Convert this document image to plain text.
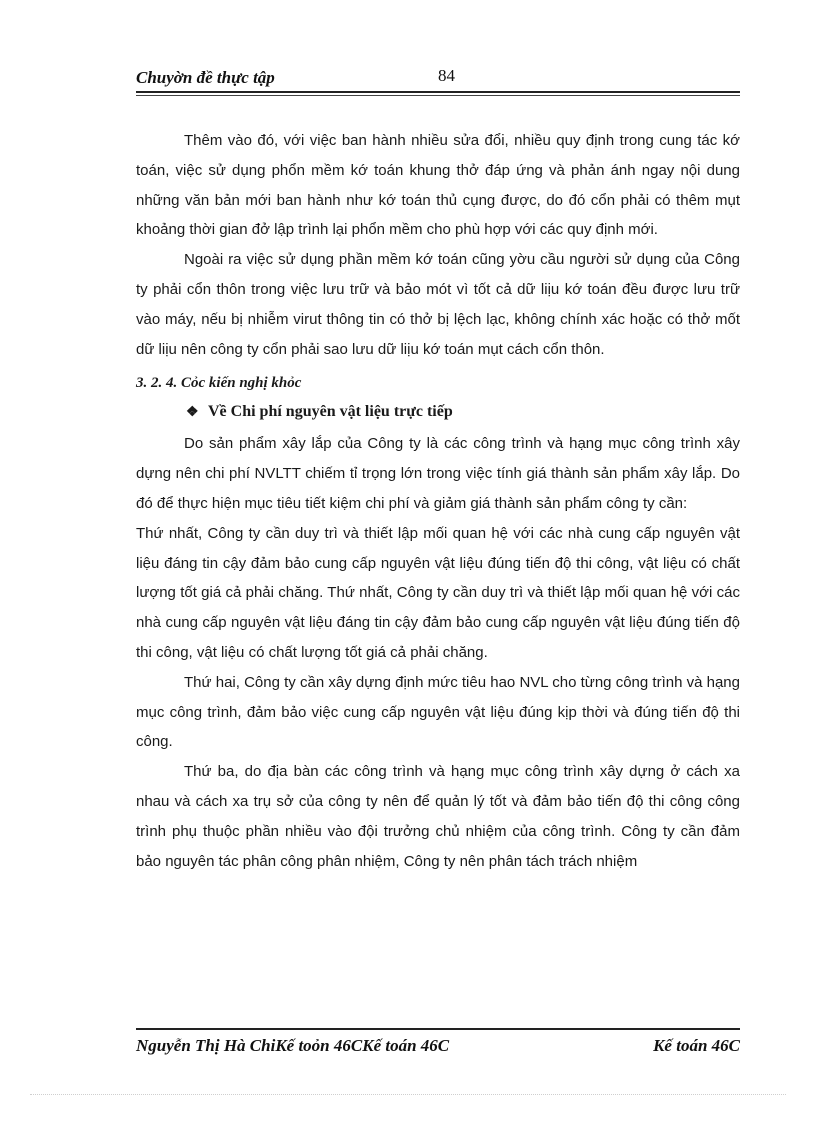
Chuyờn đề thực tập	84

Thêm vào đó, với việc ban hành nhiều sửa đổi, nhiều quy định trong cung tác kớ toán, việc sử dụng phổn mềm kớ toán khung thở đáp ứng và phản ánh ngay nội dung những văn bản mới ban hành như kớ toán thủ cụng được, do đó cổn phải có thêm mụt khoảng thời gian đở lập trình lại phổn mềm cho phù hợp với các quy định mới.

Ngoài ra việc sử dụng phần mềm kớ toán cũng yờu cầu người sử dụng của Công ty phải cổn thôn trong việc lưu trữ và bảo mót vì tốt cả dữ liịu kớ toán đều được lưu trữ vào máy, nếu bị nhiễm virut thông tin có thở bị lệch lạc, không chính xác hoặc có thở mốt dữ liịu nên công ty cổn phải sao lưu dữ liịu kớ toán mụt cách cổn thôn.

3. 2. 4. Cỏc kiến nghị khỏc

❖ Về Chi phí nguyên vật liệu trực tiếp

Do sản phẩm xây lắp của Công ty là các công trình và hạng mục công trình xây dựng nên chi phí NVLTT chiếm tỉ trọng lớn trong việc tính giá thành sản phẩm xây lắp. Do đó để thực hiện mục tiêu tiết kiệm chi phí và giảm giá thành sản phẩm công ty cần:

Thứ nhất, Công ty cần duy trì và thiết lập mối quan hệ với các nhà cung cấp nguyên vật liệu đáng tin cậy đảm bảo cung cấp nguyên vật liệu đúng tiến độ thi công, vật liệu có chất lượng tốt giá cả phải chăng. Thứ nhất, Công ty cần duy trì và thiết lập mối quan hệ với các nhà cung cấp nguyên vật liệu đáng tin cậy đảm bảo cung cấp nguyên vật liệu đúng tiến độ thi công, vật liệu có chất lượng tốt giá cả phải chăng.

Thứ hai, Công ty cần xây dựng định mức tiêu hao NVL cho từng công trình và hạng mục công trình, đảm bảo việc cung cấp nguyên vật liệu đúng kịp thời và đúng tiến độ thi công.

Thứ ba, do địa bàn các công trình và hạng mục công trình xây dựng ở cách xa nhau và cách xa trụ sở của công ty nên để quản lý tốt và đảm bảo tiến độ thi công công trình phụ thuộc phần nhiều vào đội trưởng chủ nhiệm của công trình. Công ty cần đảm bảo nguyên tác phân công phân nhiệm, Công ty nên phân tách trách nhiệm

Nguyễn Thị Hà ChiKế toỏn 46CKế toán 46C	Kế toán 46C
